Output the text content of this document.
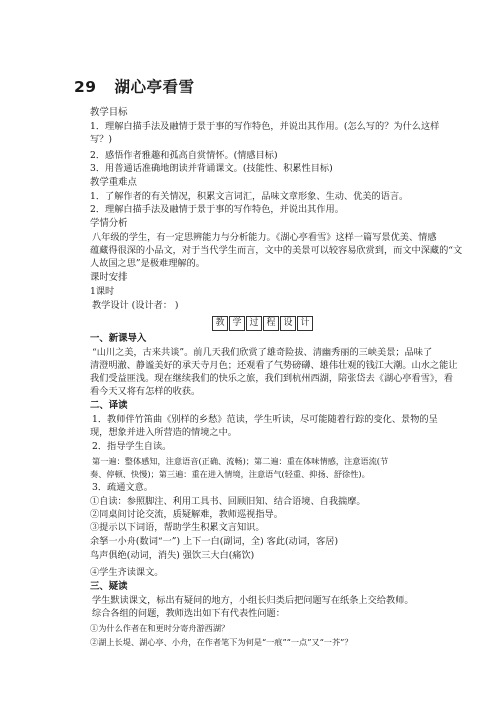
29 湖心亭看雪
教学目标
1．理解白描手法及融情于景于事的写作特色，并说出其作用。(怎么写的？为什么这样
写？)
2．感悟作者雅趣和孤高自赏情怀。(情感目标)
3．用普通话准确地朗读并背诵课文。(技能性、积累性目标)
教学重难点
1．了解作者的有关情况，积累文言词汇，品味文章形象、生动、优美的语言。
2．理解白描手法及融情于景于事的写作特色，并说出其作用。
学情分析
八年级的学生，有一定思辨能力与分析能力。《湖心亭看雪》这样一篇写景优美、情感
蕴藏得很深的小品文，对于当代学生而言，文中的美景可以较容易欣赏到，而文中深藏的“文
人故国之思”是极难理解的。
课时安排
1课时
教学设计 (设计者： )
一、新课导入
“山川之美，古来共谈”。前几天我们欣赏了雄奇险拔、清幽秀丽的三峡美景；品味了
清澄明澈、静谧美好的承天寺月色；还观看了气势磅礴、雄伟壮观的钱江大潮。山水之能让
我们受益匪浅。现在继续我们的快乐之旅，我们到杭州西湖，陪张岱去《湖心亭看雪》，看
看今天又将有怎样的收获。
二、译读
1．教师伴竹笛曲《别样的乡愁》范读，学生听读，尽可能随着行踪的变化、景物的呈
现，想象并进入所营造的情境之中。
2．指导学生自读。
第一遍：整体感知，注意语音(正确、流畅)；第二遍：重在体味情感，注意语流(节
奏、停顿、快慢)；第三遍：重在进入情境，注意语气(轻重、抑扬、舒徐性)。
3．疏通文意。
①自读：参照脚注、利用工具书、回顾旧知、结合语境、自我揣摩。
②同桌间讨论交流，质疑解难，教师巡视指导。
③提示以下词语，帮助学生积累文言知识。
余拏一小舟(数词“一”) 上下一白(副词，全) 客此(动词，客居)
鸟声俱绝(动词，消失) 强饮三大白(痛饮)
④学生齐读课文。
三、疑读
学生默读课文，标出有疑问的地方，小组长归类后把问题写在纸条上交给教师。
综合各组的问题，教师选出如下有代表性问题：
①为什么作者在和更时分寄舟游西湖？
②湖上长堤、湖心亭、小舟，在作者笔下为何是“一痕”“一点”又“一芥”？
教 学 过 程 设 计
